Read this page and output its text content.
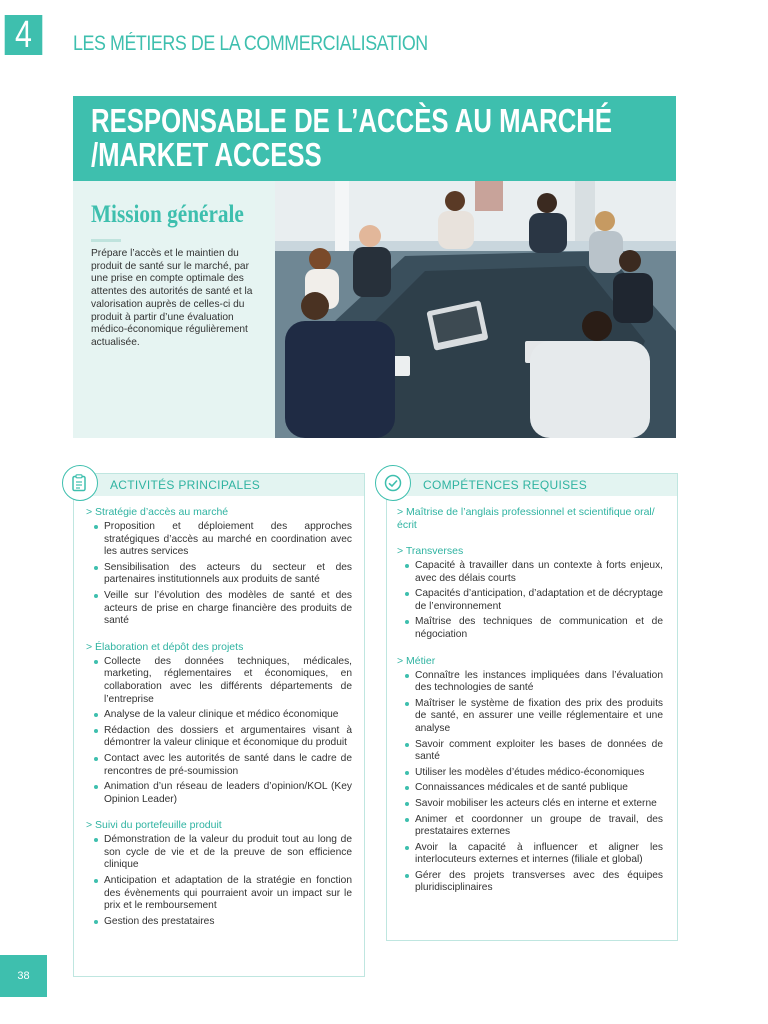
4	LES MÉTIERS DE LA COMMERCIALISATION
RESPONSABLE DE L’ACCÈS AU MARCHÉ
/MARKET ACCESS
Mission générale
Prépare l’accès et le maintien du produit de santé sur le marché, par une prise en compte optimale des attentes des autorités de santé et la valorisation auprès de celles-ci du produit à partir d’une évaluation médico-économique régulièrement actualisée.
ACTIVITÉS PRINCIPALES
> Stratégie d’accès au marché
Proposition et déploiement des approches stratégiques d’accès au marché en coordination avec les autres services
Sensibilisation des acteurs du secteur et des partenaires institutionnels aux produits de santé
Veille sur l’évolution des modèles de santé et des acteurs de prise en charge financière des produits de santé
> Élaboration et dépôt des projets
Collecte des données techniques, médicales, marketing, réglementaires et économiques, en collaboration avec les différents départements de l’entreprise
Analyse de la valeur clinique et médico économique
Rédaction des dossiers et argumentaires visant à démontrer la valeur clinique et économique du produit
Contact avec les autorités de santé dans le cadre de rencontres de pré-soumission
Animation d’un réseau de leaders d’opinion/KOL (Key Opinion Leader)
> Suivi du portefeuille produit
Démonstration de la valeur du produit tout au long de son cycle de vie et de la preuve de son efficience clinique
Anticipation et adaptation de la stratégie en fonction des évènements qui pourraient avoir un impact sur le prix et le remboursement
Gestion des prestataires
COMPÉTENCES REQUISES
> Maîtrise de l’anglais professionnel et scientifique oral/écrit
> Transverses
Capacité à travailler dans un contexte à forts enjeux, avec des délais courts
Capacités d’anticipation, d’adaptation et de décryptage de l’environnement
Maîtrise des techniques de communication et de négociation
> Métier
Connaître les instances impliquées dans l’évaluation des technologies de santé
Maîtriser le système de fixation des prix des produits de santé, en assurer une veille réglementaire et une analyse
Savoir comment exploiter les bases de données de santé
Utiliser les modèles d’études médico-économiques
Connaissances médicales et de santé publique
Savoir mobiliser les acteurs clés en interne et externe
Animer et coordonner un groupe de travail, des prestataires externes
Avoir la capacité à influencer et aligner les interlocuteurs externes et internes (filiale et global)
Gérer des projets transverses avec des équipes pluridisciplinaires
38
